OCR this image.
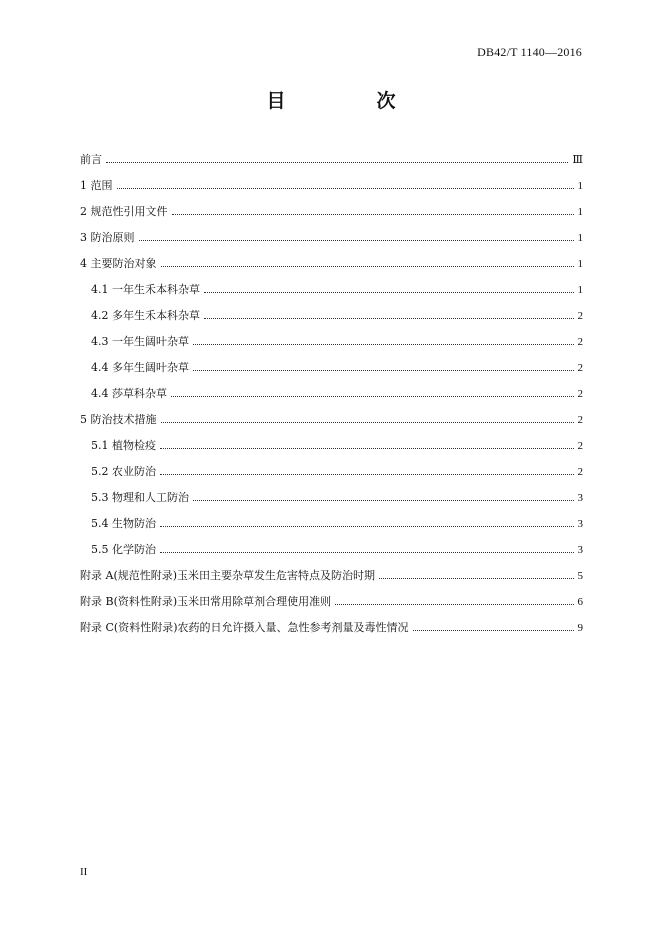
DB42/T 1140—2016
目　次
前言	Ⅲ
1 范围	1
2 规范性引用文件	1
3 防治原则	1
4 主要防治对象	1
4.1 一年生禾本科杂草	1
4.2 多年生禾本科杂草	2
4.3 一年生阔叶杂草	2
4.4 多年生阔叶杂草	2
4.4 莎草科杂草	2
5 防治技术措施	2
5.1 植物检疫	2
5.2 农业防治	2
5.3 物理和人工防治	3
5.4 生物防治	3
5.5 化学防治	3
附录 A(规范性附录)玉米田主要杂草发生危害特点及防治时期	5
附录 B(资料性附录)玉米田常用除草剂合理使用准则	6
附录 C(资料性附录)农药的日允许摄入量、急性参考剂量及毒性情况	9
II
